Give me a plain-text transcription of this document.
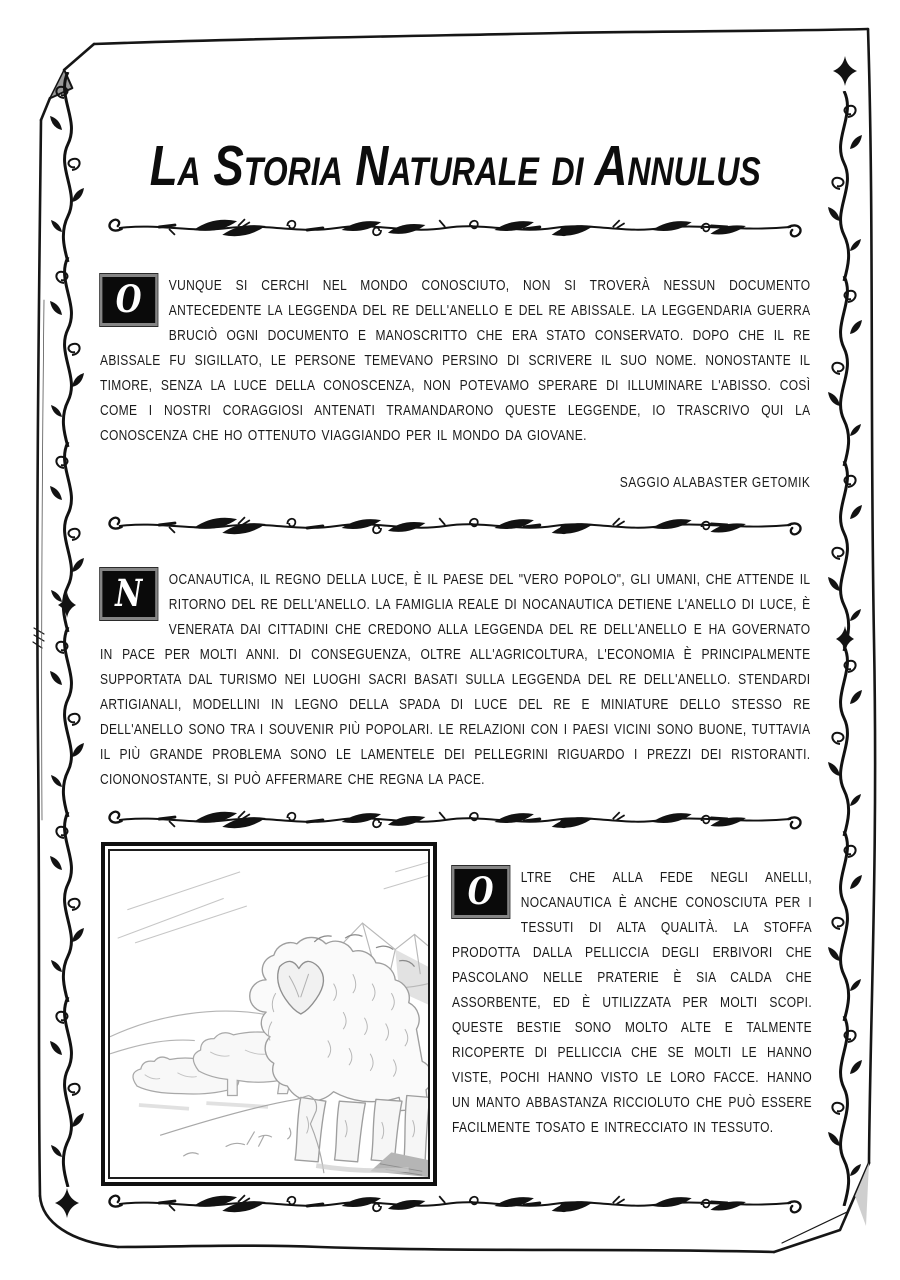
La Storia Naturale di Annulus

O	VUNQUE SI CERCHI NEL MONDO CONOSCIUTO, NON SI TROVERÀ NESSUN DOCUMENTO ANTECEDENTE LA LEGGENDA DEL RE DELL'ANELLO E DEL RE ABISSALE. LA LEGGENDARIA GUERRA BRUCIÒ OGNI DOCUMENTO E MANOSCRITTO CHE ERA STATO CONSERVATO. DOPO CHE IL RE ABISSALE FU SIGILLATO, LE PERSONE TEMEVANO PERSINO DI SCRIVERE IL SUO NOME. NONOSTANTE IL TIMORE, SENZA LA LUCE DELLA CONOSCENZA, NON POTEVAMO SPERARE DI ILLUMINARE L'ABISSO. COSÌ COME I NOSTRI CORAGGIOSI ANTENATI TRAMANDARONO QUESTE LEGGENDE, IO TRASCRIVO QUI LA CONOSCENZA CHE HO OTTENUTO VIAGGIANDO PER IL MONDO DA GIOVANE.

SAGGIO ALABASTER GETOMIK

N	OCANAUTICA, IL REGNO DELLA LUCE, È IL PAESE DEL "VERO POPOLO", GLI UMANI, CHE ATTENDE IL RITORNO DEL RE DELL'ANELLO. LA FAMIGLIA REALE DI NOCANAUTICA DETIENE L'ANELLO DI LUCE, È VENERATA DAI CITTADINI CHE CREDONO ALLA LEGGENDA DEL RE DELL'ANELLO E HA GOVERNATO IN PACE PER MOLTI ANNI. DI CONSEGUENZA, OLTRE ALL'AGRICOLTURA, L'ECONOMIA È PRINCIPALMENTE SUPPORTATA DAL TURISMO NEI LUOGHI SACRI BASATI SULLA LEGGENDA DEL RE DELL'ANELLO. STENDARDI ARTIGIANALI, MODELLINI IN LEGNO DELLA SPADA DI LUCE DEL RE E MINIATURE DELLO STESSO RE DELL'ANELLO SONO TRA I SOUVENIR PIÙ POPOLARI. LE RELAZIONI CON I PAESI VICINI SONO BUONE, TUTTAVIA IL PIÙ GRANDE PROBLEMA SONO LE LAMENTELE DEI PELLEGRINI RIGUARDO I PREZZI DEI RISTORANTI. CIONONOSTANTE, SI PUÒ AFFERMARE CHE REGNA LA PACE.

O	LTRE CHE ALLA FEDE NEGLI ANELLI, NOCANAUTICA È ANCHE CONOSCIUTA PER I TESSUTI DI ALTA QUALITÀ. LA STOFFA PRODOTTA DALLA PELLICCIA DEGLI ERBIVORI CHE PASCOLANO NELLE PRATERIE È SIA CALDA CHE ASSORBENTE, ED È UTILIZZATA PER MOLTI SCOPI. QUESTE BESTIE SONO MOLTO ALTE E TALMENTE RICOPERTE DI PELLICCIA CHE SE MOLTI LE HANNO VISTE, POCHI HANNO VISTO LE LORO FACCE. HANNO UN MANTO ABBASTANZA RICCIOLUTO CHE PUÒ ESSERE FACILMENTE TOSATO E INTRECCIATO IN TESSUTO.
